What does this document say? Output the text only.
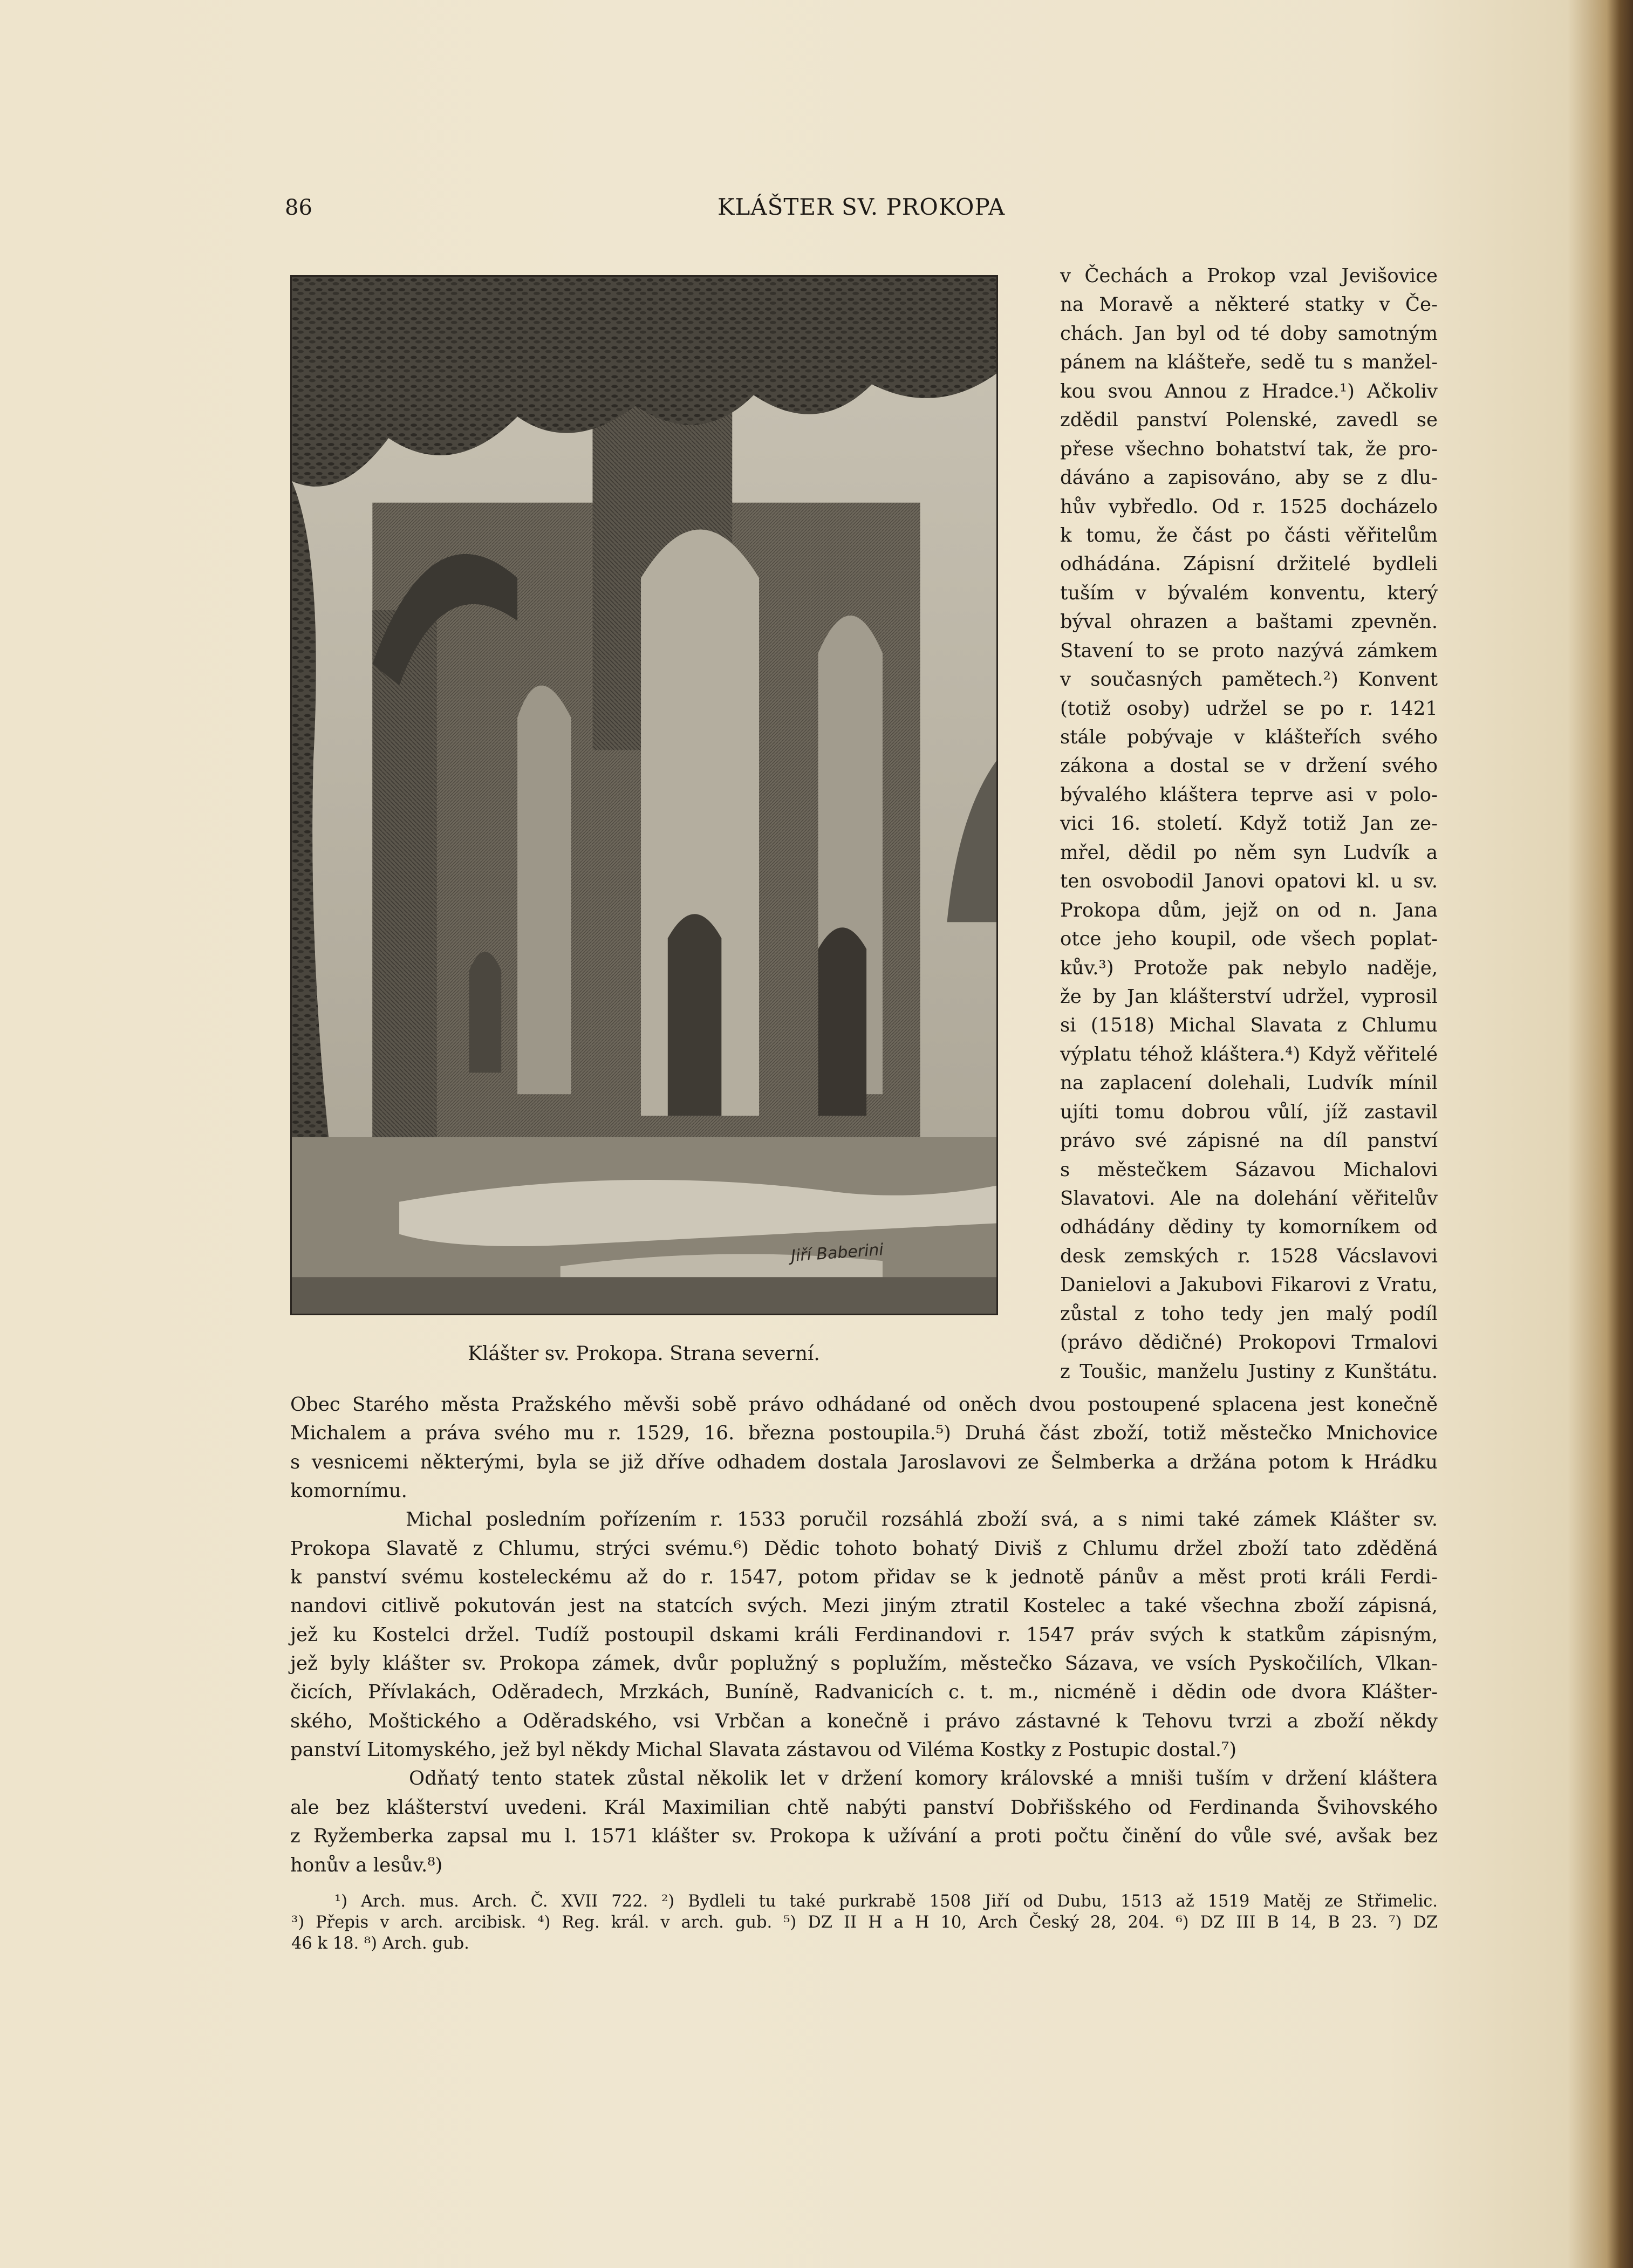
86	KLÁŠTER SV. PROKOPA
Jiří Baberini
Klášter sv. Prokopa. Strana severní.
v Čechách a Prokop vzal Jevišovice
na Moravě a některé statky v Če-
chách. Jan byl od té doby samotným
pánem na klášteře, sedě tu s manžel-
kou svou Annou z Hradce.¹) Ačkoliv
zdědil panství Polenské, zavedl se
přese všechno bohatství tak, že pro-
dáváno a zapisováno, aby se z dlu-
hův vybředlo. Od r. 1525 docházelo
k tomu, že část po části věřitelům
odhádána. Zápisní držitelé bydleli
tuším v bývalém konventu, který
býval ohrazen a baštami zpevněn.
Stavení to se proto nazývá zámkem
v současných pamětech.²) Konvent
(totiž osoby) udržel se po r. 1421
stále pobývaje v klášteřích svého
zákona a dostal se v držení svého
bývalého kláštera teprve asi v polo-
vici 16. století. Když totiž Jan ze-
mřel, dědil po něm syn Ludvík a
ten osvobodil Janovi opatovi kl. u sv.
Prokopa dům, jejž on od n. Jana
otce jeho koupil, ode všech poplat-
kův.³) Protože pak nebylo naděje,
že by Jan klášterství udržel, vyprosil
si (1518) Michal Slavata z Chlumu
výplatu téhož kláštera.⁴) Když věřitelé
na zaplacení dolehali, Ludvík mínil
ujíti tomu dobrou vůlí, jíž zastavil
právo své zápisné na díl panství
s městečkem Sázavou Michalovi
Slavatovi. Ale na dolehání věřitelův
odhádány dědiny ty komorníkem od
desk zemských r. 1528 Vácslavovi
Danielovi a Jakubovi Fikarovi z Vratu,
zůstal z toho tedy jen malý podíl
(právo dědičné) Prokopovi Trmalovi
z Toušic, manželu Justiny z Kunštátu.
Obec Starého města Pražského měvši sobě právo odhádané od oněch dvou postoupené splacena jest konečně
Michalem a práva svého mu r. 1529, 16. března postoupila.⁵) Druhá část zboží, totiž městečko Mnichovice
s vesnicemi některými, byla se již dříve odhadem dostala Jaroslavovi ze Šelmberka a držána potom k Hrádku
komornímu.
Michal posledním pořízením r. 1533 poručil rozsáhlá zboží svá, a s nimi také zámek Klášter sv.
Prokopa Slavatě z Chlumu, strýci svému.⁶) Dědic tohoto bohatý Diviš z Chlumu držel zboží tato zděděná
k panství svému kosteleckému až do r. 1547, potom přidav se k jednotě pánův a měst proti králi Ferdi-
nandovi citlivě pokutován jest na statcích svých. Mezi jiným ztratil Kostelec a také všechna zboží zápisná,
jež ku Kostelci držel. Tudíž postoupil dskami králi Ferdinandovi r. 1547 práv svých k statkům zápisným,
jež byly klášter sv. Prokopa zámek, dvůr poplužný s poplužím, městečko Sázava, ve vsích Pyskočilích, Vlkan-
čicích, Přívlakách, Oděradech, Mrzkách, Buníně, Radvanicích c. t. m., nicméně i dědin ode dvora Klášter-
ského, Moštického a Oděradského, vsi Vrbčan a konečně i právo zástavné k Tehovu tvrzi a zboží někdy
panství Litomyského, jež byl někdy Michal Slavata zástavou od Viléma Kostky z Postupic dostal.⁷)
Odňatý tento statek zůstal několik let v držení komory královské a mniši tuším v držení kláštera
ale bez klášterství uvedeni. Král Maximilian chtě nabýti panství Dobřišského od Ferdinanda Švihovského
z Ryžemberka zapsal mu l. 1571 klášter sv. Prokopa k užívání a proti počtu činění do vůle své, avšak bez
honův a lesův.⁸)
¹) Arch. mus. Arch. Č. XVII 722. ²) Bydleli tu také purkrabě 1508 Jiří od Dubu, 1513 až 1519 Matěj ze Střimelic.
³) Přepis v arch. arcibisk. ⁴) Reg. král. v arch. gub. ⁵) DZ II H a H 10, Arch Český 28, 204. ⁶) DZ III B 14, B 23. ⁷) DZ
46 k 18. ⁸) Arch. gub.
